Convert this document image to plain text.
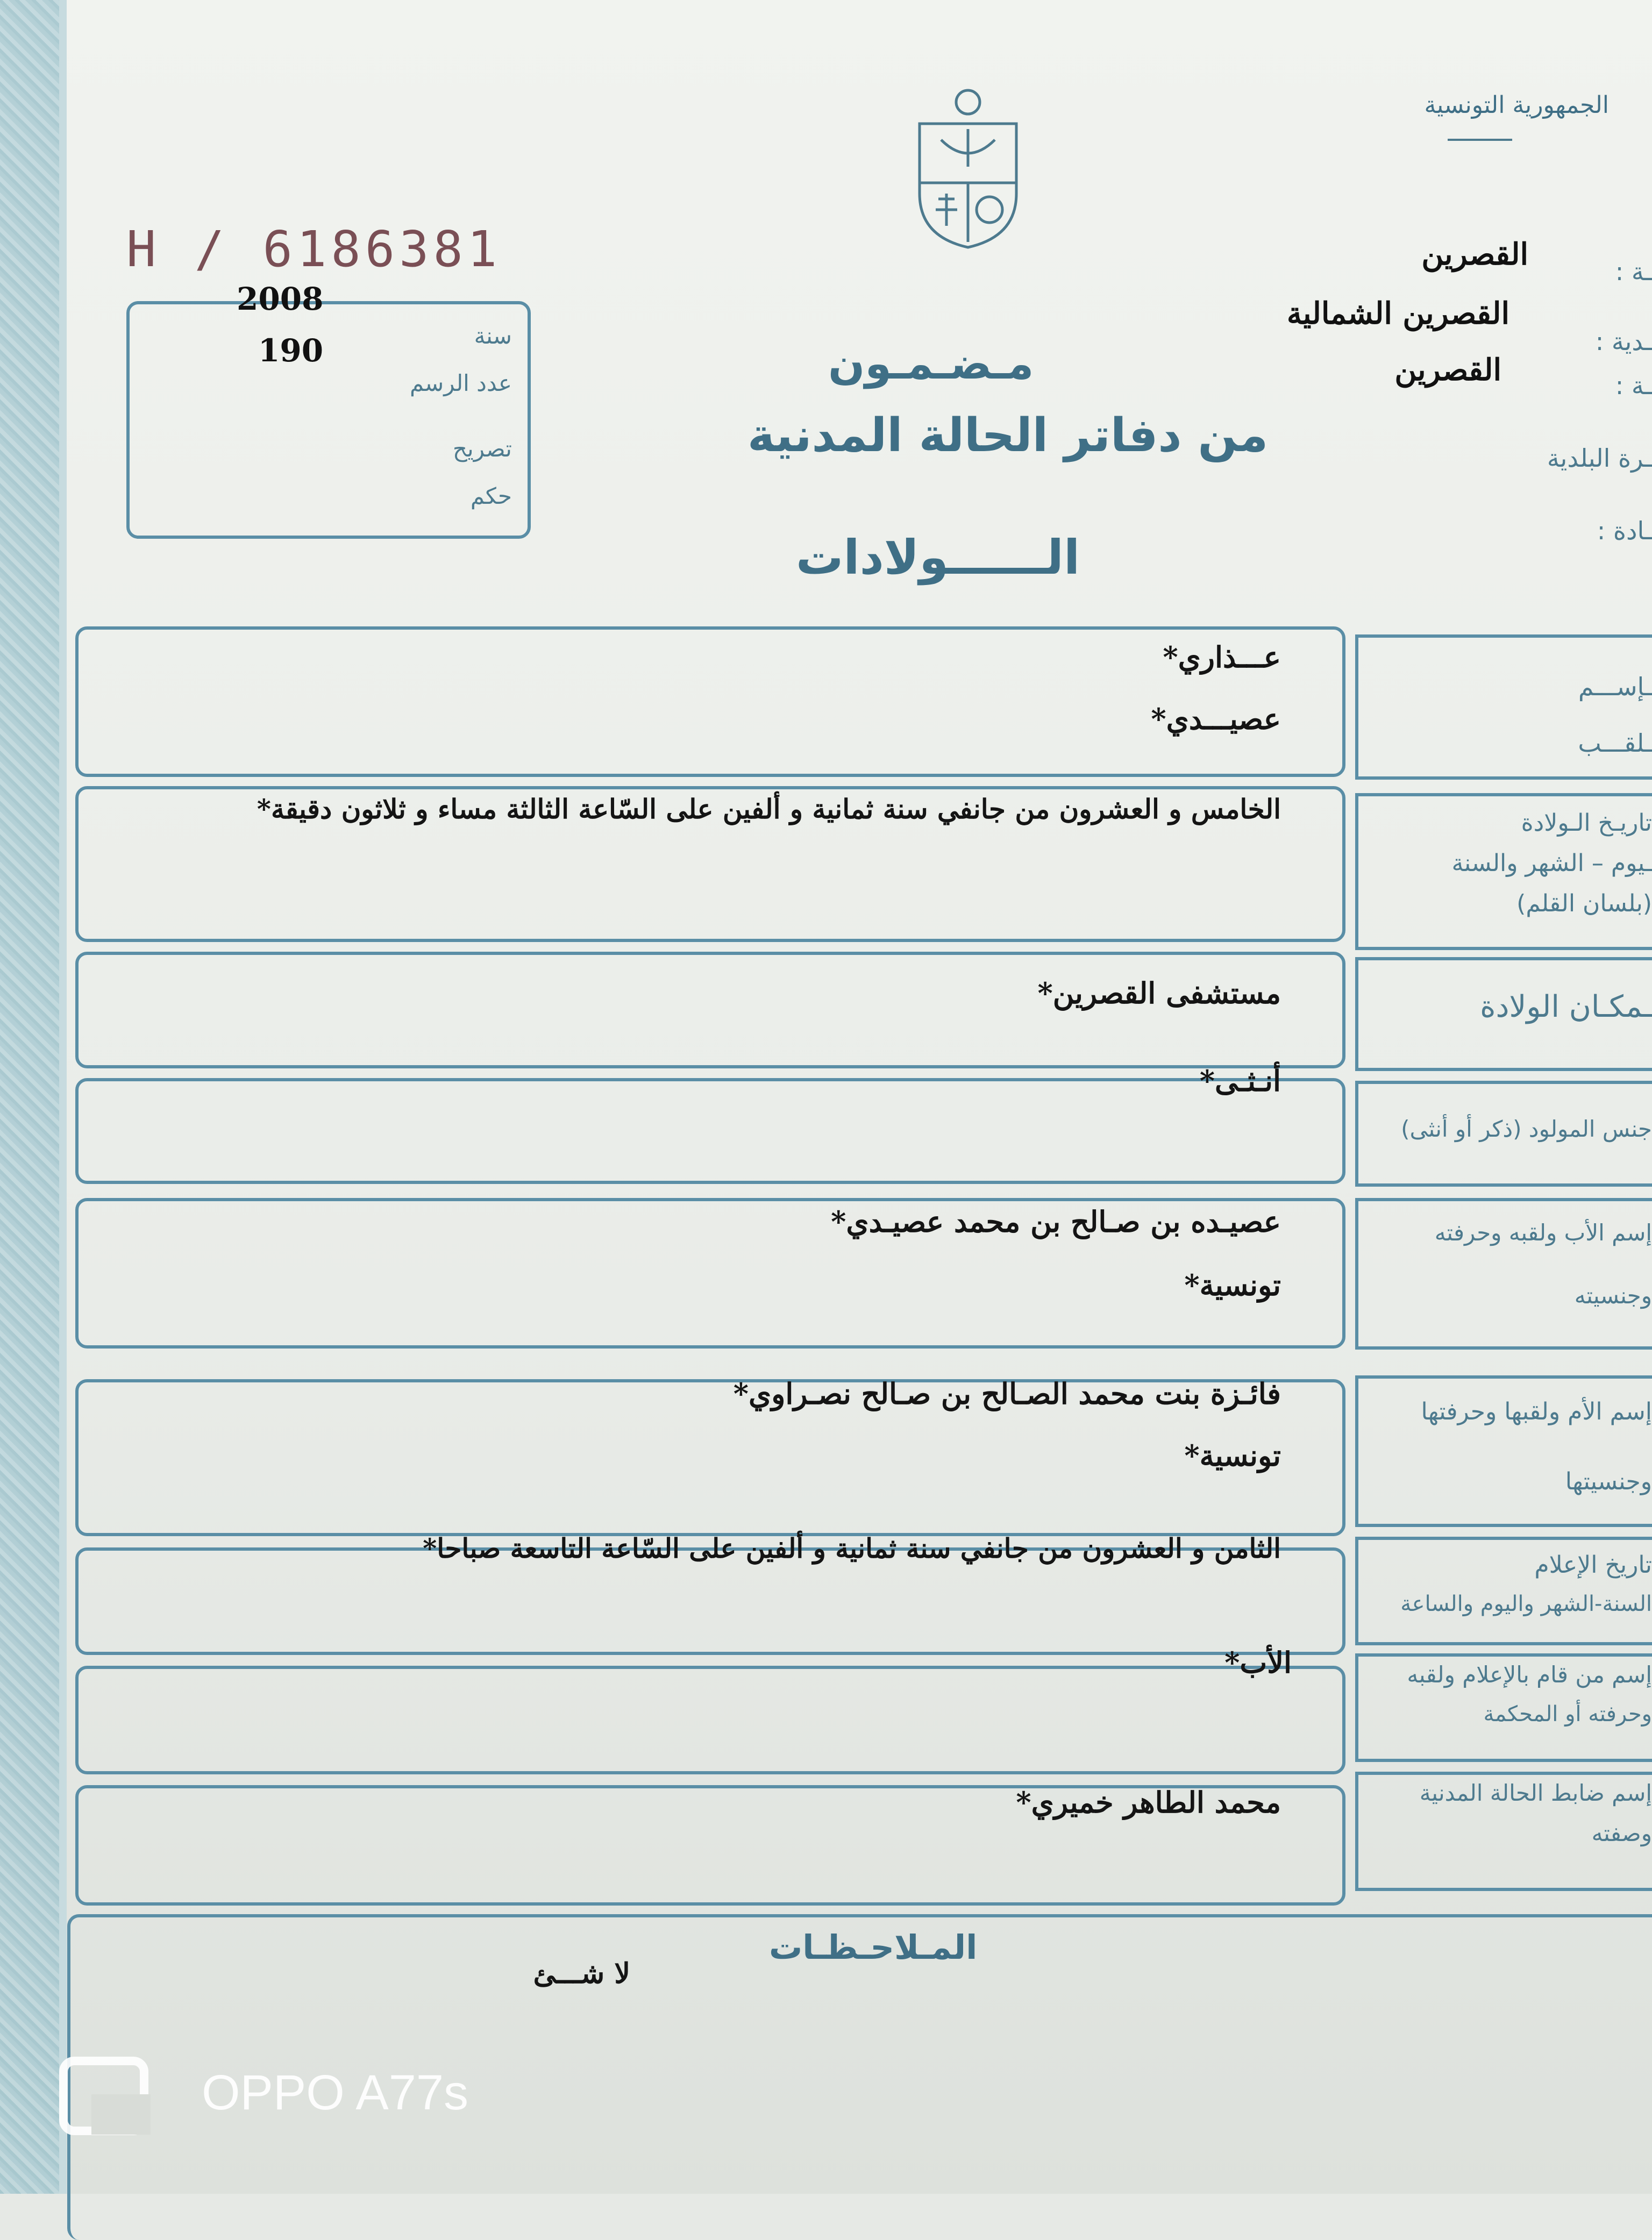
الجمهورية التونسية
H / 6186381
2008
190	سنة
عدد الرسم
تصريح
حكم
مـضـمـون
من دفاتر الحالة المدنية
الــــــولادات
القصرين
القصرين الشمالية
القصرين
ـة :
ـدية :
ـة :
ـرة البلدية
ـادة :
ـإســـم
ـلقـــب
عـــذاري*
عصيـــدي*
تاريـخ الـولادة
ـيوم – الشهر والسنة
(بلسان القلم)
الخامس و العشرون من جانفي سنة ثمانية و ألفين على السّاعة الثالثة مساء و ثلاثون دقيقة*
ـمكـان الولادة
مستشفى القصرين*
جنس المولود (ذكر أو أنثى)
أنـثـى*
إسم الأب ولقبه وحرفته
وجنسيته
عصيـده بن صـالح بن محمد عصيـدي*
تونسية*
إسم الأم ولقبها وحرفتها
وجنسيتها
فائـزة بنت محمد الصـالح بن صـالح نصـراوي*
تونسية*
تاريخ الإعلام
السنة-الشهر واليوم والساعة
الثامن و العشرون من جانفي سنة ثمانية و ألفين على السّاعة التاسعة صباحا*
إسم من قام بالإعلام ولقبه
وحرفته أو المحكمة
الأب*
إسم ضابط الحالة المدنية
وصفته
محمد الطاهر خميري*
المـلاحـظـات
لا شـــئ
OPPO A77s
